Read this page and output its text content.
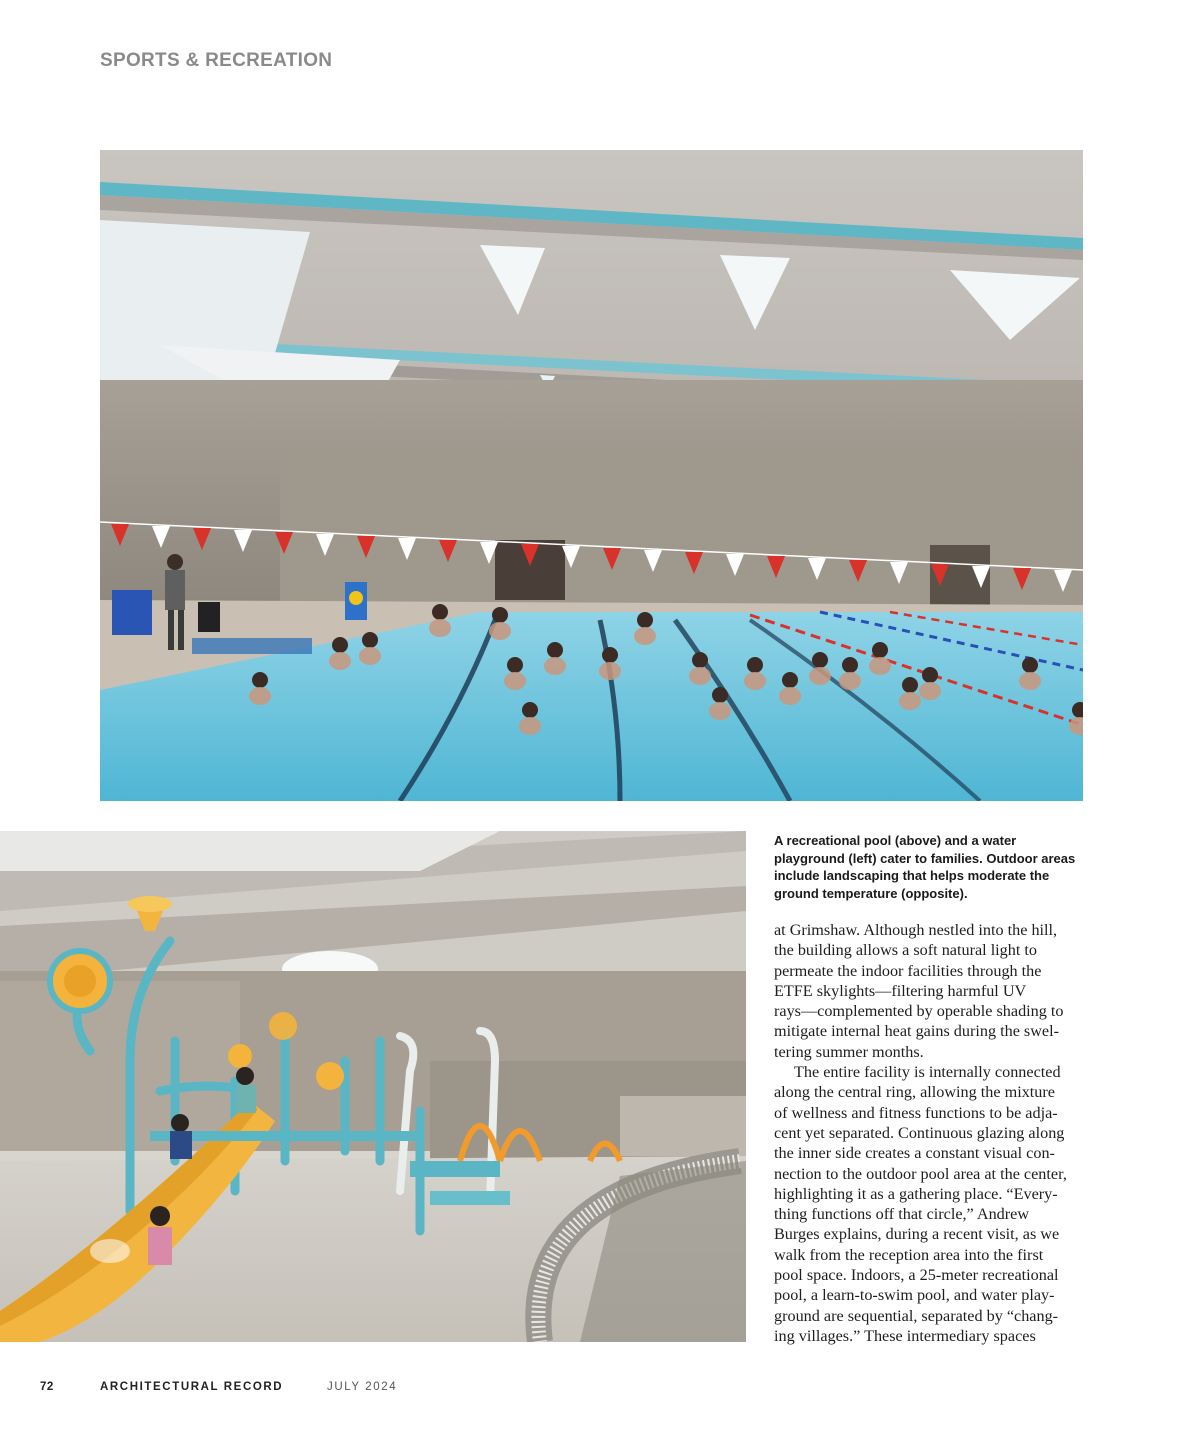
SPORTS & RECREATION
A recreational pool (above) and a water playground (left) cater to families. Outdoor areas include landscaping that helps moderate the ground temperature (opposite).
at Grimshaw. Although nestled into the hill,
the building allows a soft natural light to
permeate the indoor facilities through the
ETFE skylights—filtering harmful UV
rays—complemented by operable shading to
mitigate internal heat gains during the swel-
tering summer months.
The entire facility is internally connected
along the central ring, allowing the mixture
of wellness and fitness functions to be adja-
cent yet separated. Continuous glazing along
the inner side creates a constant visual con-
nection to the outdoor pool area at the center,
highlighting it as a gathering place. “Every-
thing functions off that circle,” Andrew
Burges explains, during a recent visit, as we
walk from the reception area into the first
pool space. Indoors, a 25-meter recreational
pool, a learn-to-swim pool, and water play-
ground are sequential, separated by “chang-
ing villages.” These intermediary spaces
72	ARCHITECTURAL RECORD	JULY 2024
